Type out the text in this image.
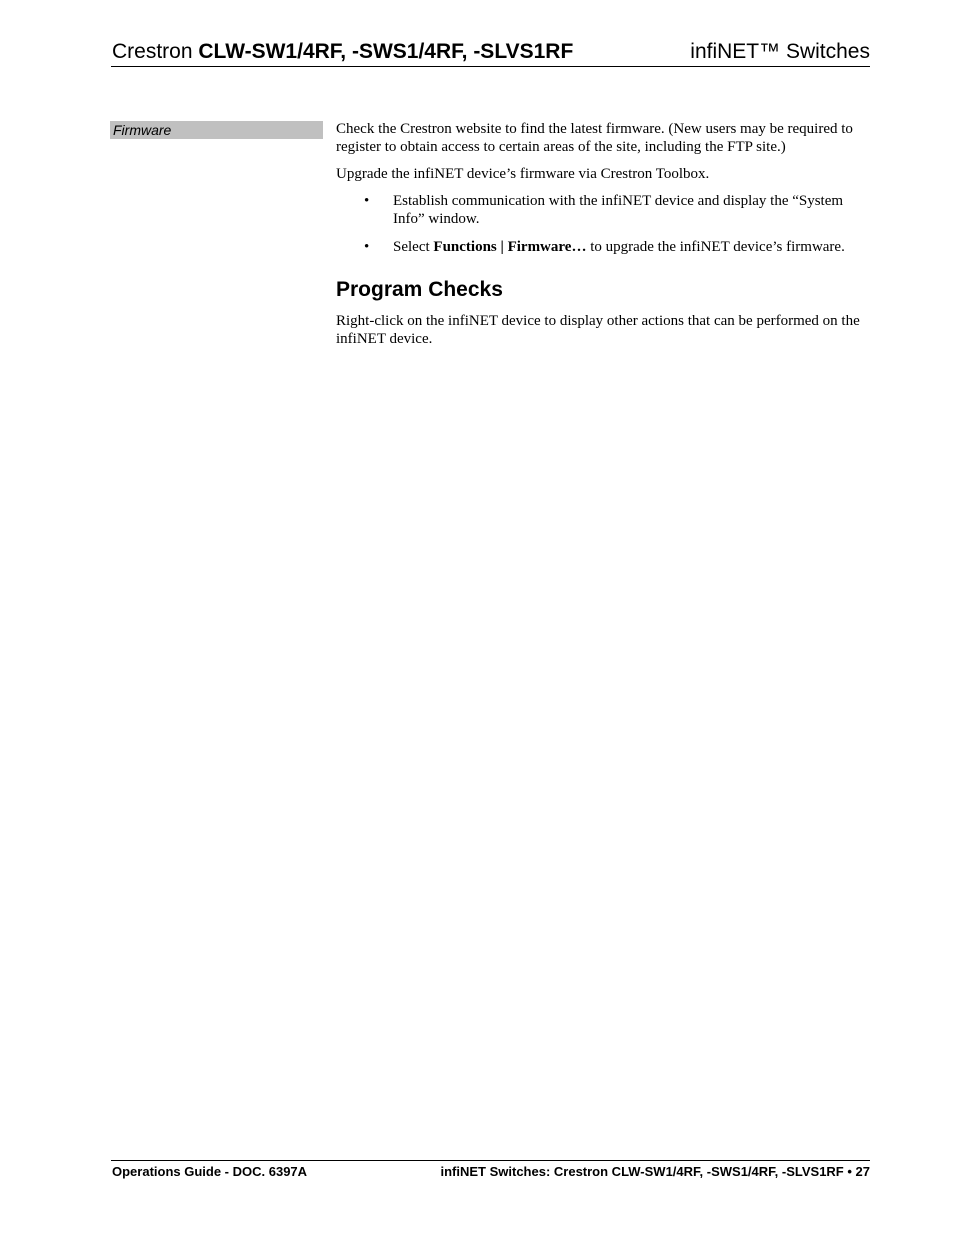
Crestron CLW-SW1/4RF, -SWS1/4RF, -SLVS1RF	infiNET™ Switches
Firmware	Check the Crestron website to find the latest firmware. (New users may be required to register to obtain access to certain areas of the site, including the FTP site.)

Upgrade the infiNET device’s firmware via Crestron Toolbox.

• Establish communication with the infiNET device and display the “System Info” window.
• Select Functions | Firmware… to upgrade the infiNET device’s firmware.
Program Checks

Right-click on the infiNET device to display other actions that can be performed on the infiNET device.

Operations Guide - DOC. 6397A	infiNET Switches: Crestron CLW-SW1/4RF, -SWS1/4RF, -SLVS1RF • 27
